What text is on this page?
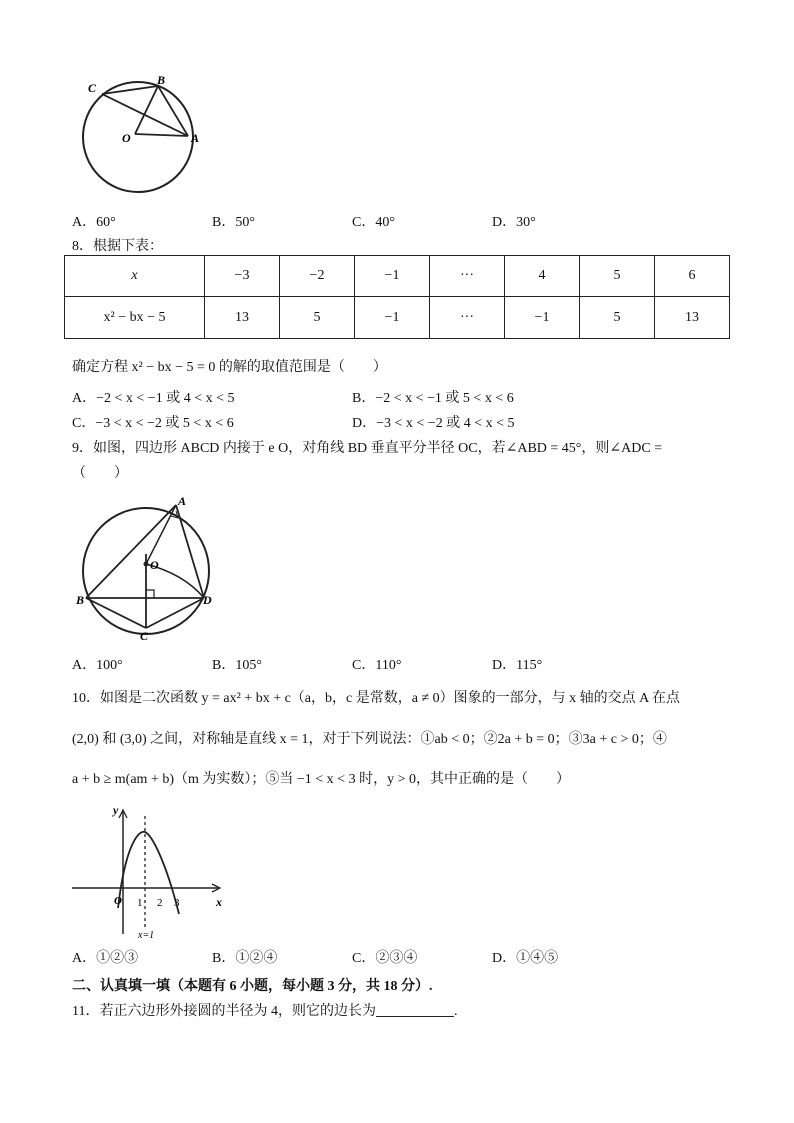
C
B
O	A
A．60°	B．50°	C．40°	D．30°
8．根据下表：
x	−3	−2	−1	···	4	5	6
x² − bx − 5	13	5	−1	···	−1	5	13
确定方程 x² − bx − 5 = 0 的解的取值范围是（　　）
A．−2 < x < −1 或 4 < x < 5	B．−2 < x < −1 或 5 < x < 6
C．−3 < x < −2 或 5 < x < 6	D．−3 < x < −2 或 4 < x < 5
9．如图，四边形 ABCD 内接于 e O，对角线 BD 垂直平分半径 OC，若∠ABD = 45°，则∠ADC =
（　　）
A
O
B	D
C
A．100°	B．105°	C．110°	D．115°
10．如图是二次函数 y = ax² + bx + c（a，b，c 是常数，a ≠ 0）图象的一部分，与 x 轴的交点 A 在点
(2,0) 和 (3,0) 之间，对称轴是直线 x = 1，对于下列说法：①ab < 0；②2a + b = 0；③3a + c > 0；④
a + b ≥ m(am + b)（m 为实数）；⑤当 −1 < x < 3 时，y > 0，其中正确的是（　　）
y
x
O 1 2 3
x=1
A．①②③	B．①②④	C．②③④	D．①④⑤
二、认真填一填（本题有 6 小题，每小题 3 分，共 18 分）.
11．若正六边形外接圆的半径为 4，则它的边长为	.
